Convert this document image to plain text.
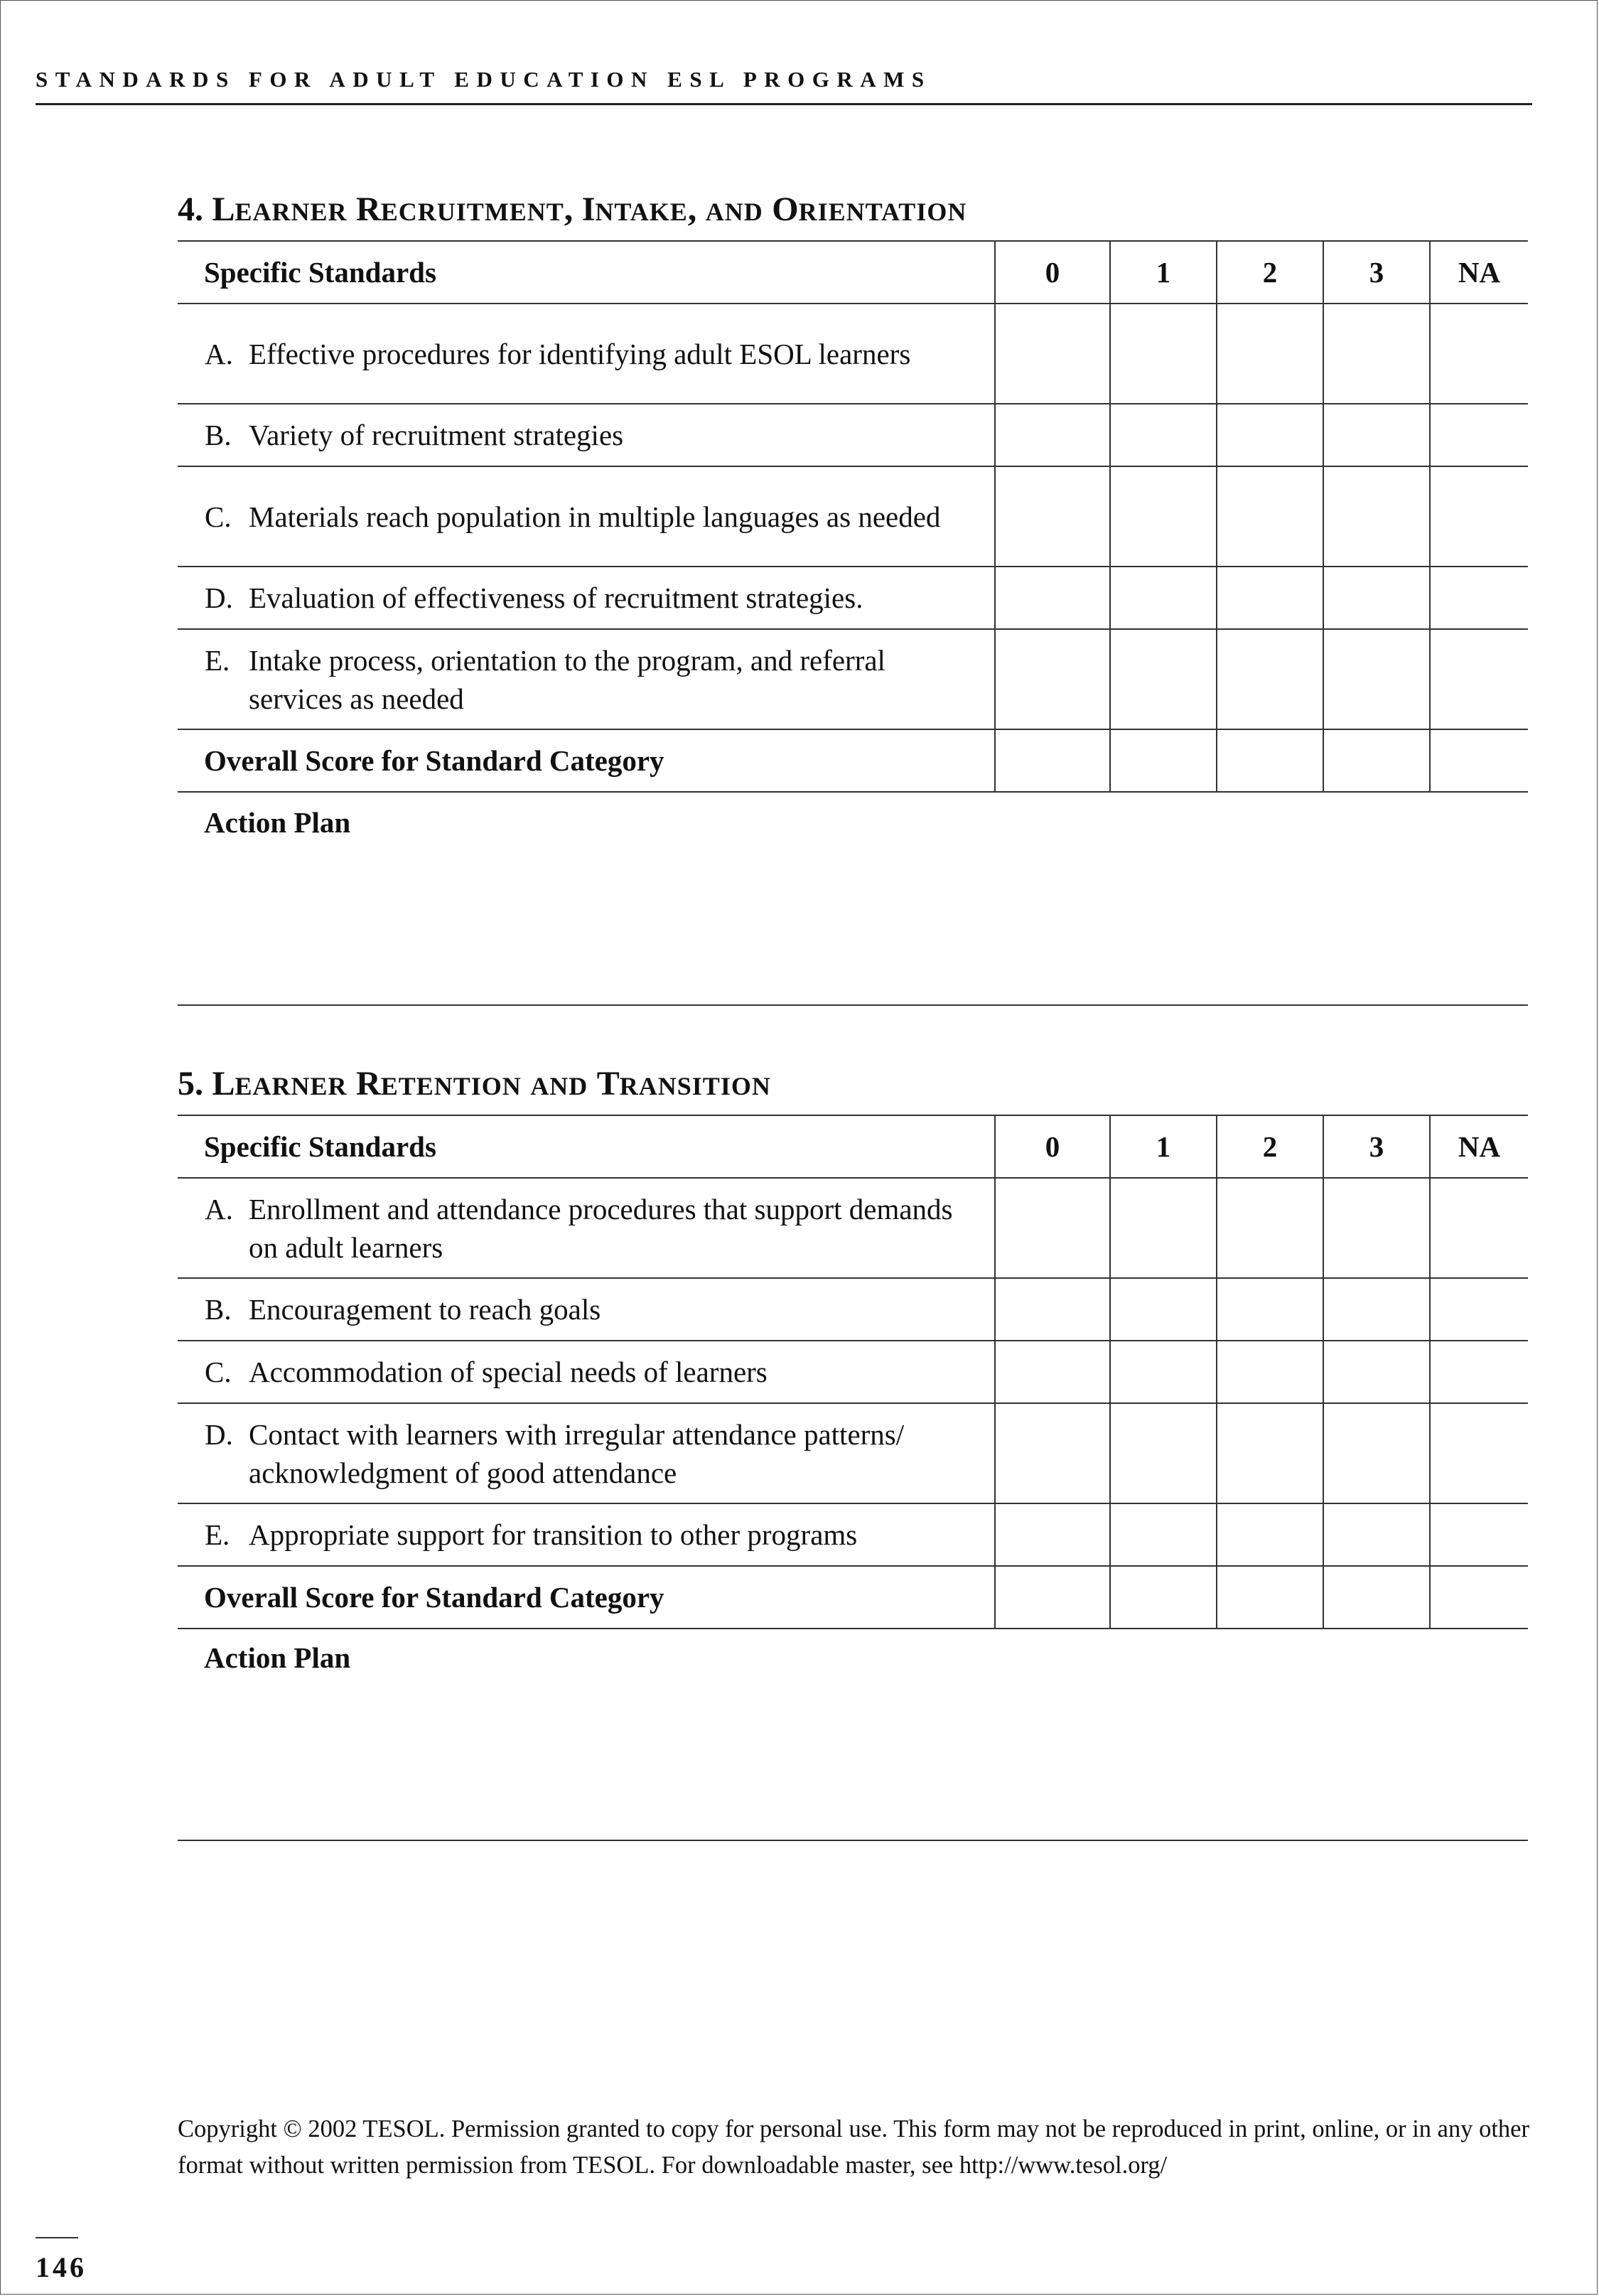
STANDARDS FOR ADULT EDUCATION ESL PROGRAMS
4. LEARNER RECRUITMENT, INTAKE, AND ORIENTATION
Specific Standards	0	1	2	3	NA

A. Effective procedures for identifying adult ESOL learners					

B. Variety of recruitment strategies					

C. Materials reach population in multiple languages as needed					

D. Evaluation of effectiveness of recruitment strategies.					

E. Intake process, orientation to the program, and referral services as needed					

Overall Score for Standard Category					

Action Plan
5. LEARNER RETENTION AND TRANSITION
Specific Standards	0	1	2	3	NA

A. Enrollment and attendance procedures that support demands on adult learners					

B. Encouragement to reach goals					

C. Accommodation of special needs of learners					

D. Contact with learners with irregular attendance patterns/ acknowledgment of good attendance					

E. Appropriate support for transition to other programs					

Overall Score for Standard Category					

Action Plan
Copyright © 2002 TESOL. Permission granted to copy for personal use. This form may not be reproduced in print, online, or in any other format without written permission from TESOL. For downloadable master, see http://www.tesol.org/
146
